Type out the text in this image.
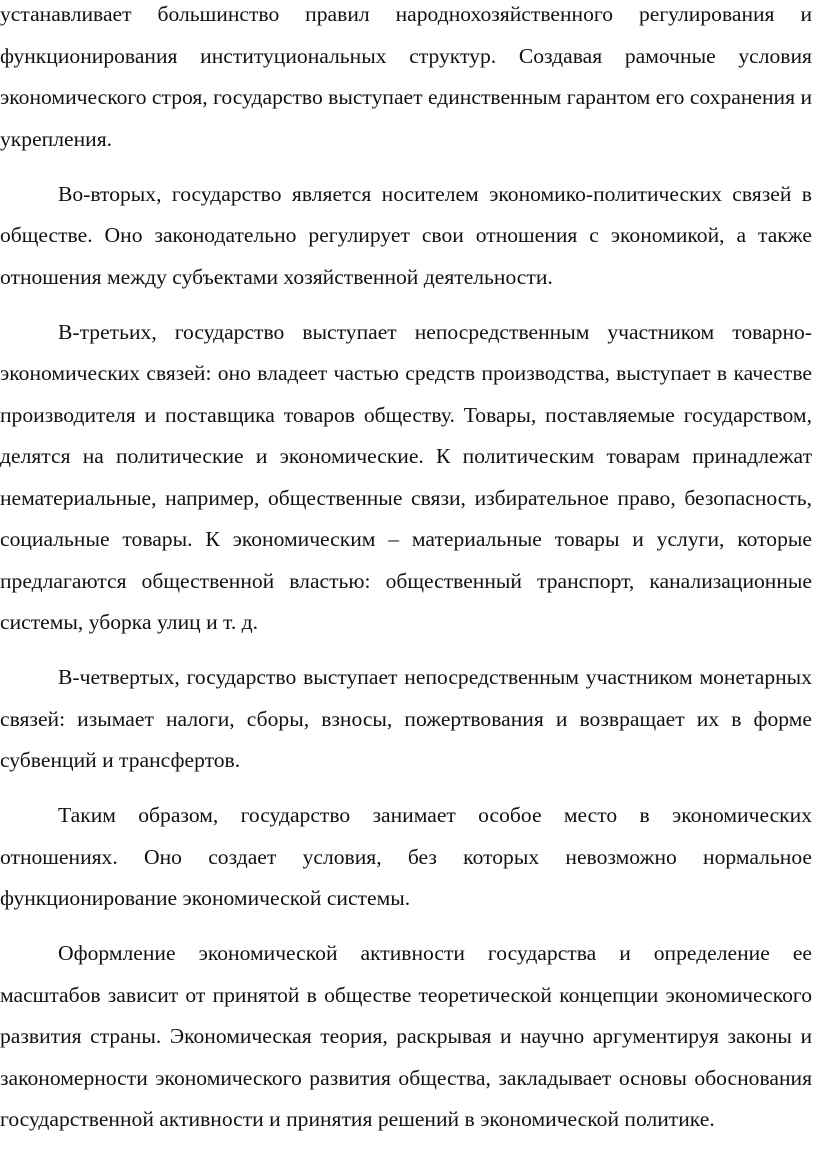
устанавливает большинство правил народнохозяйственного регулирования и функционирования институциональных структур. Создавая рамочные условия экономического строя, государство выступает единственным гарантом его сохранения и укрепления.

Во-вторых, государство является носителем экономико-политических связей в обществе. Оно законодательно регулирует свои отношения с экономикой, а также отношения между субъектами хозяйственной деятельности.

В-третьих, государство выступает непосредственным участником товарно-экономических связей: оно владеет частью средств производства, выступает в качестве производителя и поставщика товаров обществу. Товары, поставляемые государством, делятся на политические и экономические. К политическим товарам принадлежат нематериальные, например, общественные связи, избирательное право, безопасность, социальные товары. К экономическим – материальные товары и услуги, которые предлагаются общественной властью: общественный транспорт, канализационные системы, уборка улиц и т. д.

В-четвертых, государство выступает непосредственным участником монетарных связей: изымает налоги, сборы, взносы, пожертвования и возвращает их в форме субвенций и трансфертов.

Таким образом, государство занимает особое место в экономических отношениях. Оно создает условия, без которых невозможно нормальное функционирование экономической системы.

Оформление экономической активности государства и определение ее масштабов зависит от принятой в обществе теоретической концепции экономического развития страны. Экономическая теория, раскрывая и научно аргументируя законы и закономерности экономического развития общества, закладывает основы обоснования государственной активности и принятия решений в экономической политике.
